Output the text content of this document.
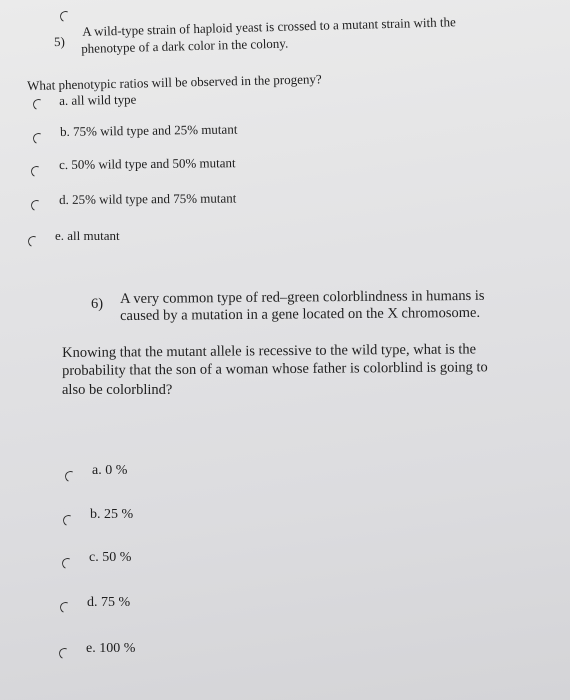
5)
A wild-type strain of haploid yeast is crossed to a mutant strain with the
phenotype of a dark color in the colony.
What phenotypic ratios will be observed in the progeny?
a. all wild type
b. 75% wild type and 25% mutant
c. 50% wild type and 50% mutant
d. 25% wild type and 75% mutant
e. all mutant
6) A very common type of red–green colorblindness in humans is
caused by a mutation in a gene located on the X chromosome.
Knowing that the mutant allele is recessive to the wild type, what is the
probability that the son of a woman whose father is colorblind is going to
also be colorblind?
a. 0 %
b. 25 %
c. 50 %
d. 75 %
e. 100 %
